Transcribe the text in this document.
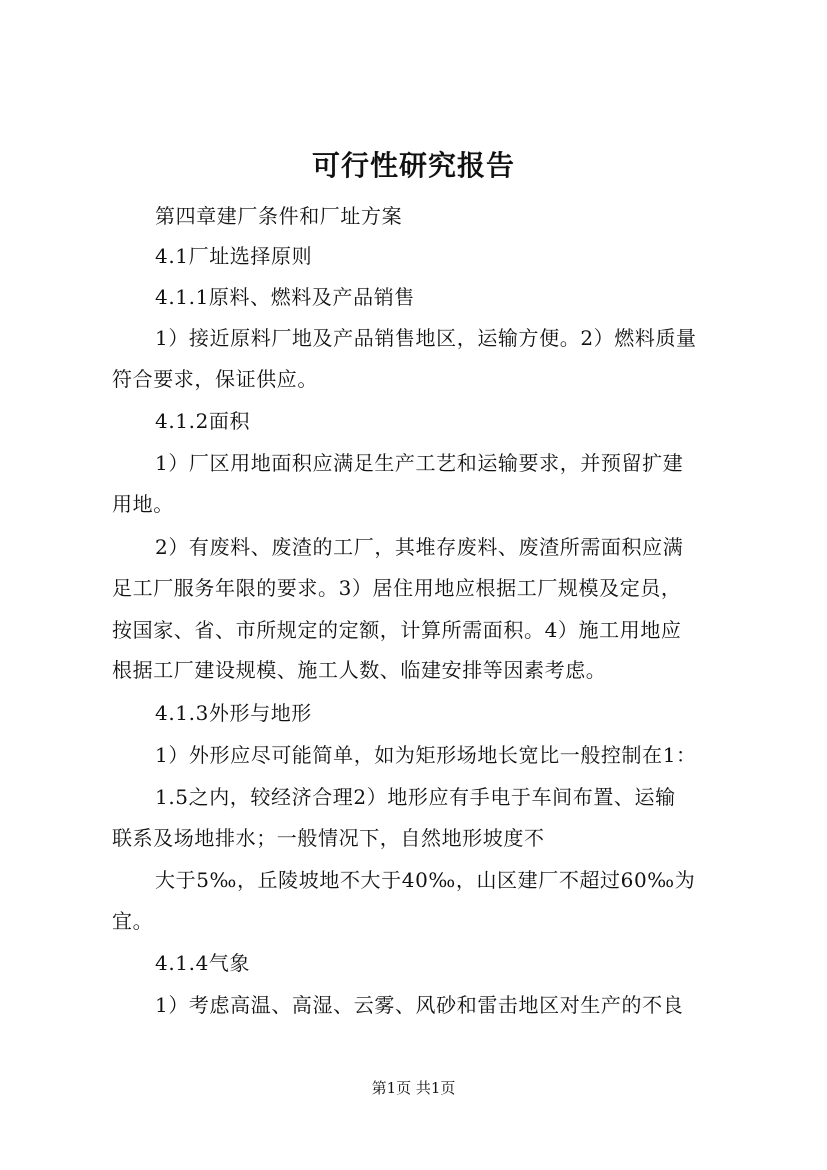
可行性研究报告

第四章建厂条件和厂址方案

4.1厂址选择原则

4.1.1原料、燃料及产品销售

1）接近原料厂地及产品销售地区，运输方便。2）燃料质量

符合要求，保证供应。

4.1.2面积

1）厂区用地面积应满足生产工艺和运输要求，并预留扩建

用地。

2）有废料、废渣的工厂，其堆存废料、废渣所需面积应满

足工厂服务年限的要求。3）居住用地应根据工厂规模及定员，

按国家、省、市所规定的定额，计算所需面积。4）施工用地应

根据工厂建设规模、施工人数、临建安排等因素考虑。

4.1.3外形与地形

1）外形应尽可能简单，如为矩形场地长宽比一般控制在1：

1.5之内，较经济合理2）地形应有手电于车间布置、运输

联系及场地排水；一般情况下，自然地形坡度不

大于5‰，丘陵坡地不大于40‰，山区建厂不超过60‰为

宜。

4.1.4气象

1）考虑高温、高湿、云雾、风砂和雷击地区对生产的不良

第1页 共1页
